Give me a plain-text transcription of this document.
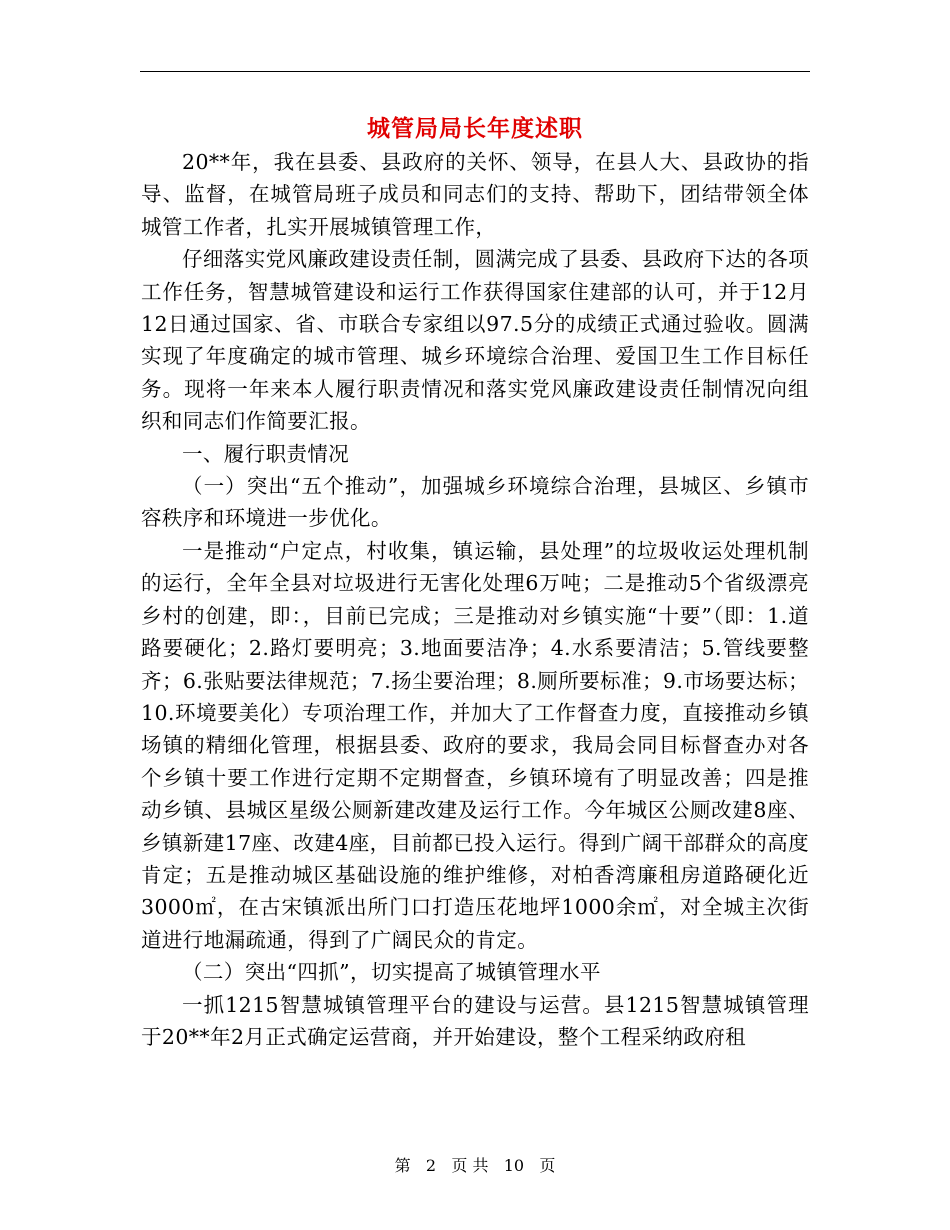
城管局局长年度述职

20**年，我在县委、县政府的关怀、领导，在县人大、县政协的指导、监督，在城管局班子成员和同志们的支持、帮助下，团结带领全体城管工作者，扎实开展城镇管理工作，

仔细落实党风廉政建设责任制，圆满完成了县委、县政府下达的各项工作任务，智慧城管建设和运行工作获得国家住建部的认可，并于12月12日通过国家、省、市联合专家组以97.5分的成绩正式通过验收。圆满实现了年度确定的城市管理、城乡环境综合治理、爱国卫生工作目标任务。现将一年来本人履行职责情况和落实党风廉政建设责任制情况向组织和同志们作简要汇报。

一、履行职责情况

（一）突出“五个推动”，加强城乡环境综合治理，县城区、乡镇市容秩序和环境进一步优化。

一是推动“户定点，村收集，镇运输，县处理”的垃圾收运处理机制的运行，全年全县对垃圾进行无害化处理6万吨；二是推动5个省级漂亮乡村的创建，即：，目前已完成；三是推动对乡镇实施“十要”（即：1.道路要硬化；2.路灯要明亮；3.地面要洁净；4.水系要清洁；5.管线要整齐；6.张贴要法律规范；7.扬尘要治理；8.厕所要标准；9.市场要达标；10.环境要美化）专项治理工作，并加大了工作督查力度，直接推动乡镇场镇的精细化管理，根据县委、政府的要求，我局会同目标督查办对各个乡镇十要工作进行定期不定期督查，乡镇环境有了明显改善；四是推动乡镇、县城区星级公厕新建改建及运行工作。今年城区公厕改建8座、乡镇新建17座、改建4座，目前都已投入运行。得到广阔干部群众的高度肯定；五是推动城区基础设施的维护维修，对柏香湾廉租房道路硬化近3000㎡，在古宋镇派出所门口打造压花地坪1000余㎡，对全城主次街道进行地漏疏通，得到了广阔民众的肯定。

（二）突出“四抓”，切实提高了城镇管理水平

一抓1215智慧城镇管理平台的建设与运营。县1215智慧城镇管理于20**年2月正式确定运营商，并开始建设，整个工程采纳政府租

第 2 页 共 10 页
